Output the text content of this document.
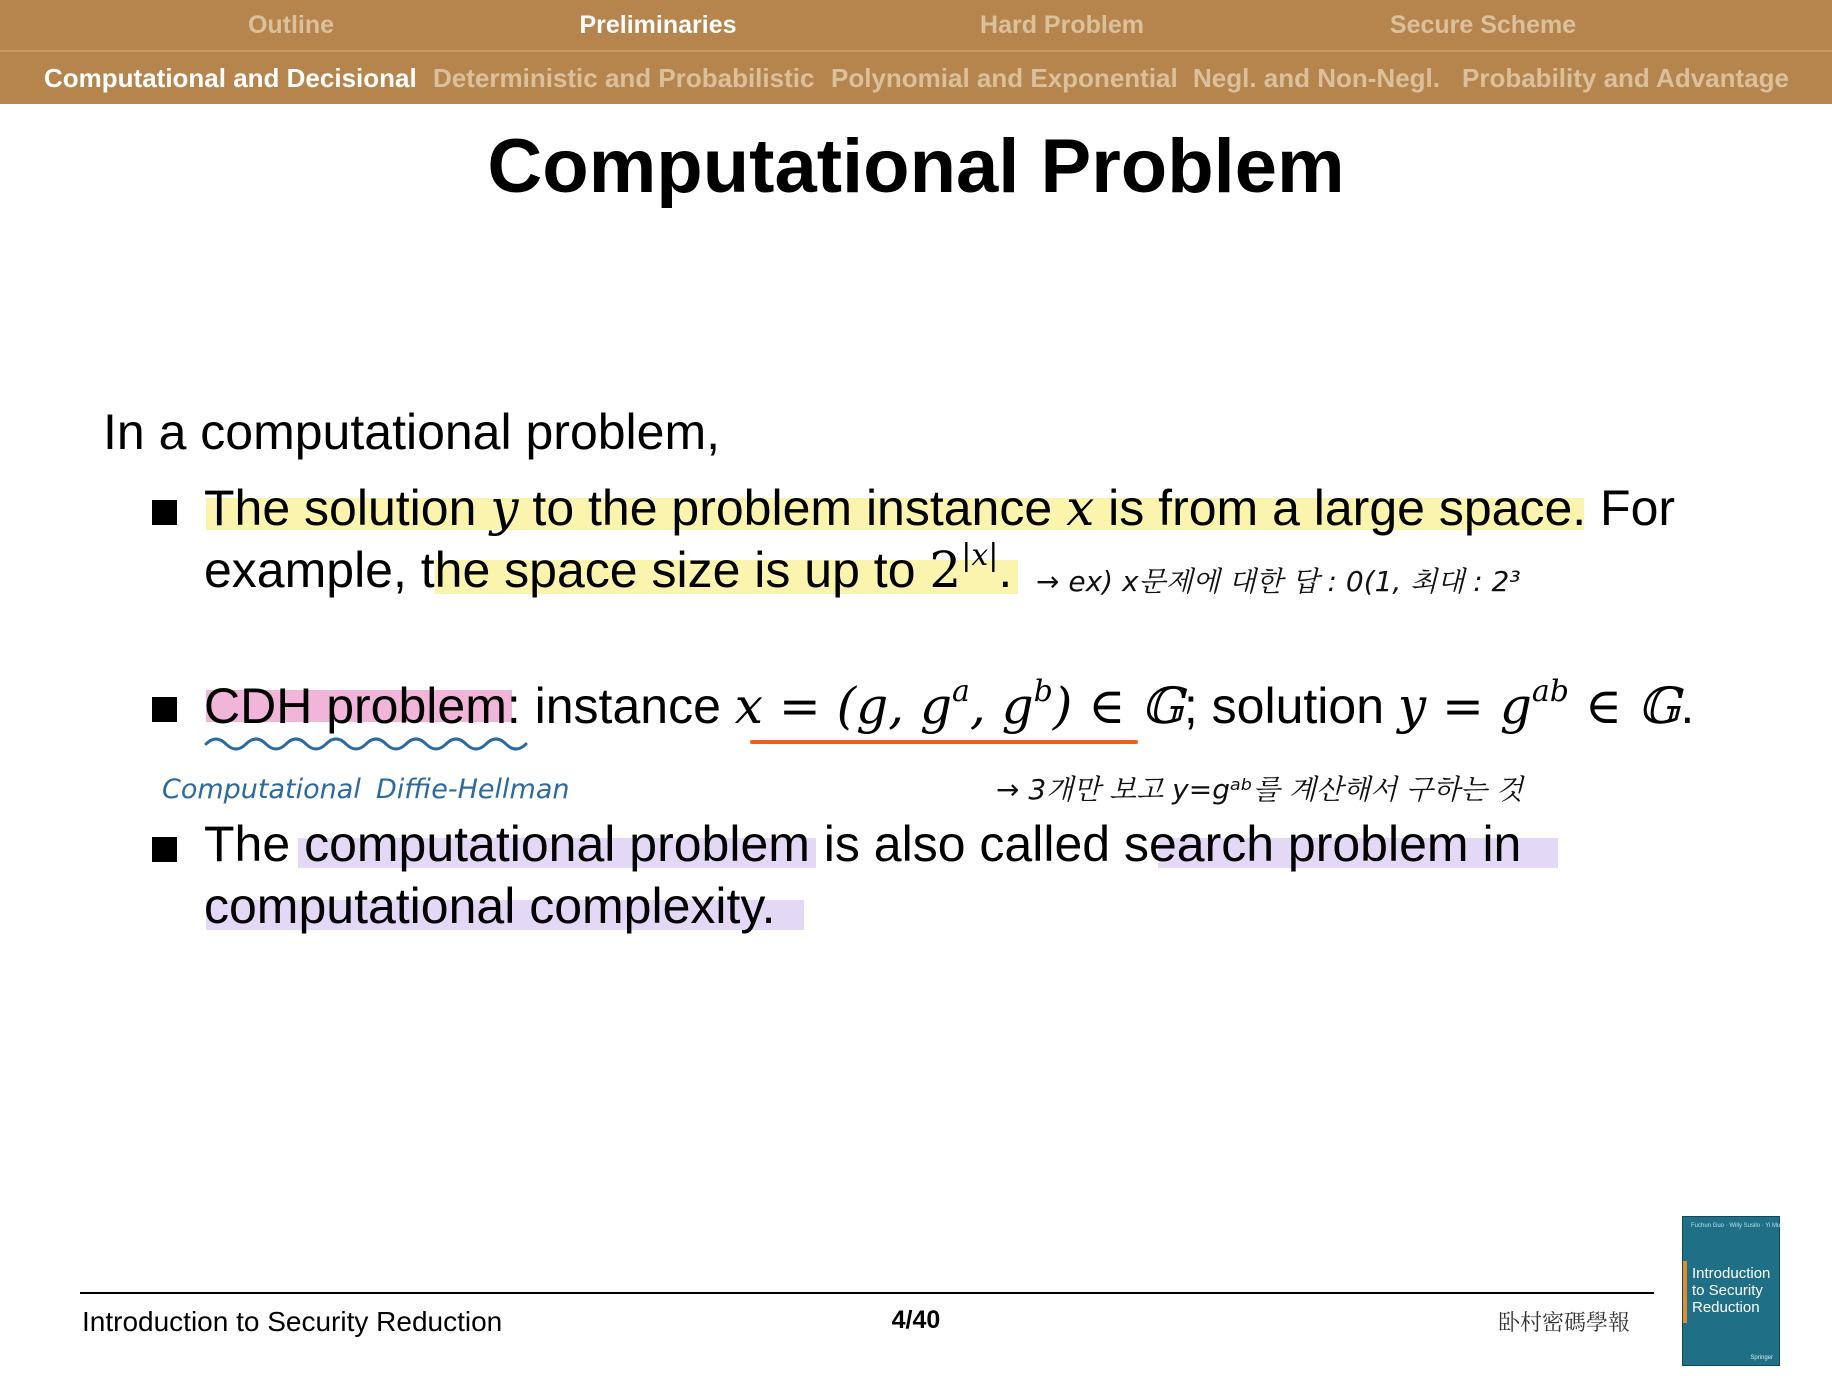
Outline	Preliminaries	Hard Problem	Secure Scheme
Computational and Decisional Deterministic and Probabilistic Polynomial and Exponential Negl. and Non-Negl. Probability and Advantage
Computational Problem
In a computational problem,
The solution y to the problem instance x is from a large space. For
example, the space size is up to $2^{|x|}$. → ex) x문제에 대한 답 : 0(1, 최대 : 2³
CDH problem: instance x = (g, $g^a$, $g^b$) ∈ 𝔾; solution $y = g^{ab}$ ∈ 𝔾.
Computational Diffie-Hellman	→ 3개만 보고 y=gᵃᵇ를 계산해서 구하는 것
The computational problem is also called search problem in
computational complexity.
Introduction to Security Reduction	4/40	卧村密碼學報
Fuchun Guo · Willy Susilo · Yi Mu
Introduction
to Security
Reduction
Springer
